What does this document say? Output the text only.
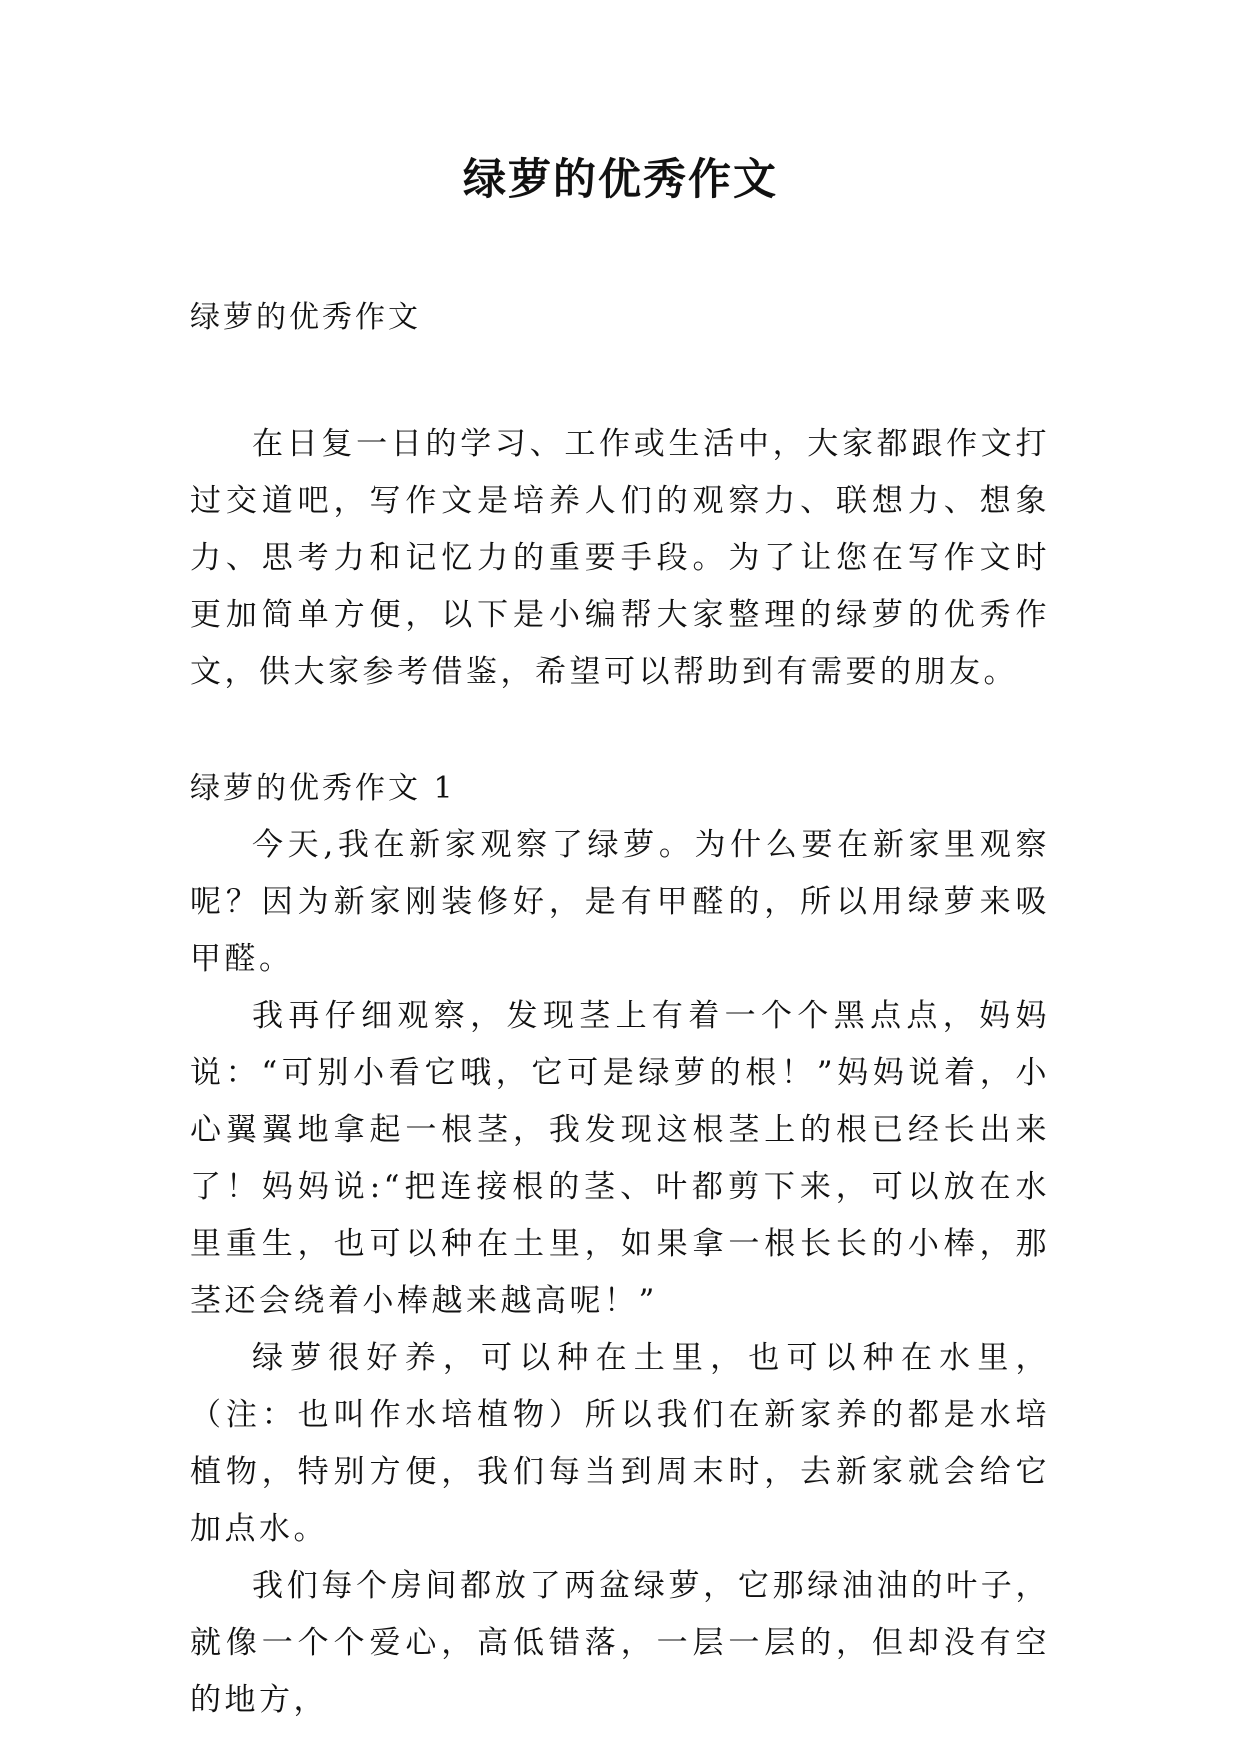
绿萝的优秀作文

绿萝的优秀作文

在日复一日的学习、工作或生活中，大家都跟作文打过交道吧，写作文是培养人们的观察力、联想力、想象力、思考力和记忆力的重要手段。为了让您在写作文时更加简单方便，以下是小编帮大家整理的绿萝的优秀作文，供大家参考借鉴，希望可以帮助到有需要的朋友。

绿萝的优秀作文 1

今天,我在新家观察了绿萝。为什么要在新家里观察呢？因为新家刚装修好，是有甲醛的，所以用绿萝来吸甲醛。

我再仔细观察，发现茎上有着一个个黑点点，妈妈说：“可别小看它哦，它可是绿萝的根！”妈妈说着，小心翼翼地拿起一根茎，我发现这根茎上的根已经长出来了！妈妈说:“把连接根的茎、叶都剪下来，可以放在水里重生，也可以种在土里，如果拿一根长长的小棒，那茎还会绕着小棒越来越高呢！”

绿萝很好养，可以种在土里，也可以种在水里，（注：也叫作水培植物）所以我们在新家养的都是水培植物，特别方便，我们每当到周末时，去新家就会给它加点水。

我们每个房间都放了两盆绿萝，它那绿油油的叶子，就像一个个爱心，高低错落，一层一层的，但却没有空的地方，
